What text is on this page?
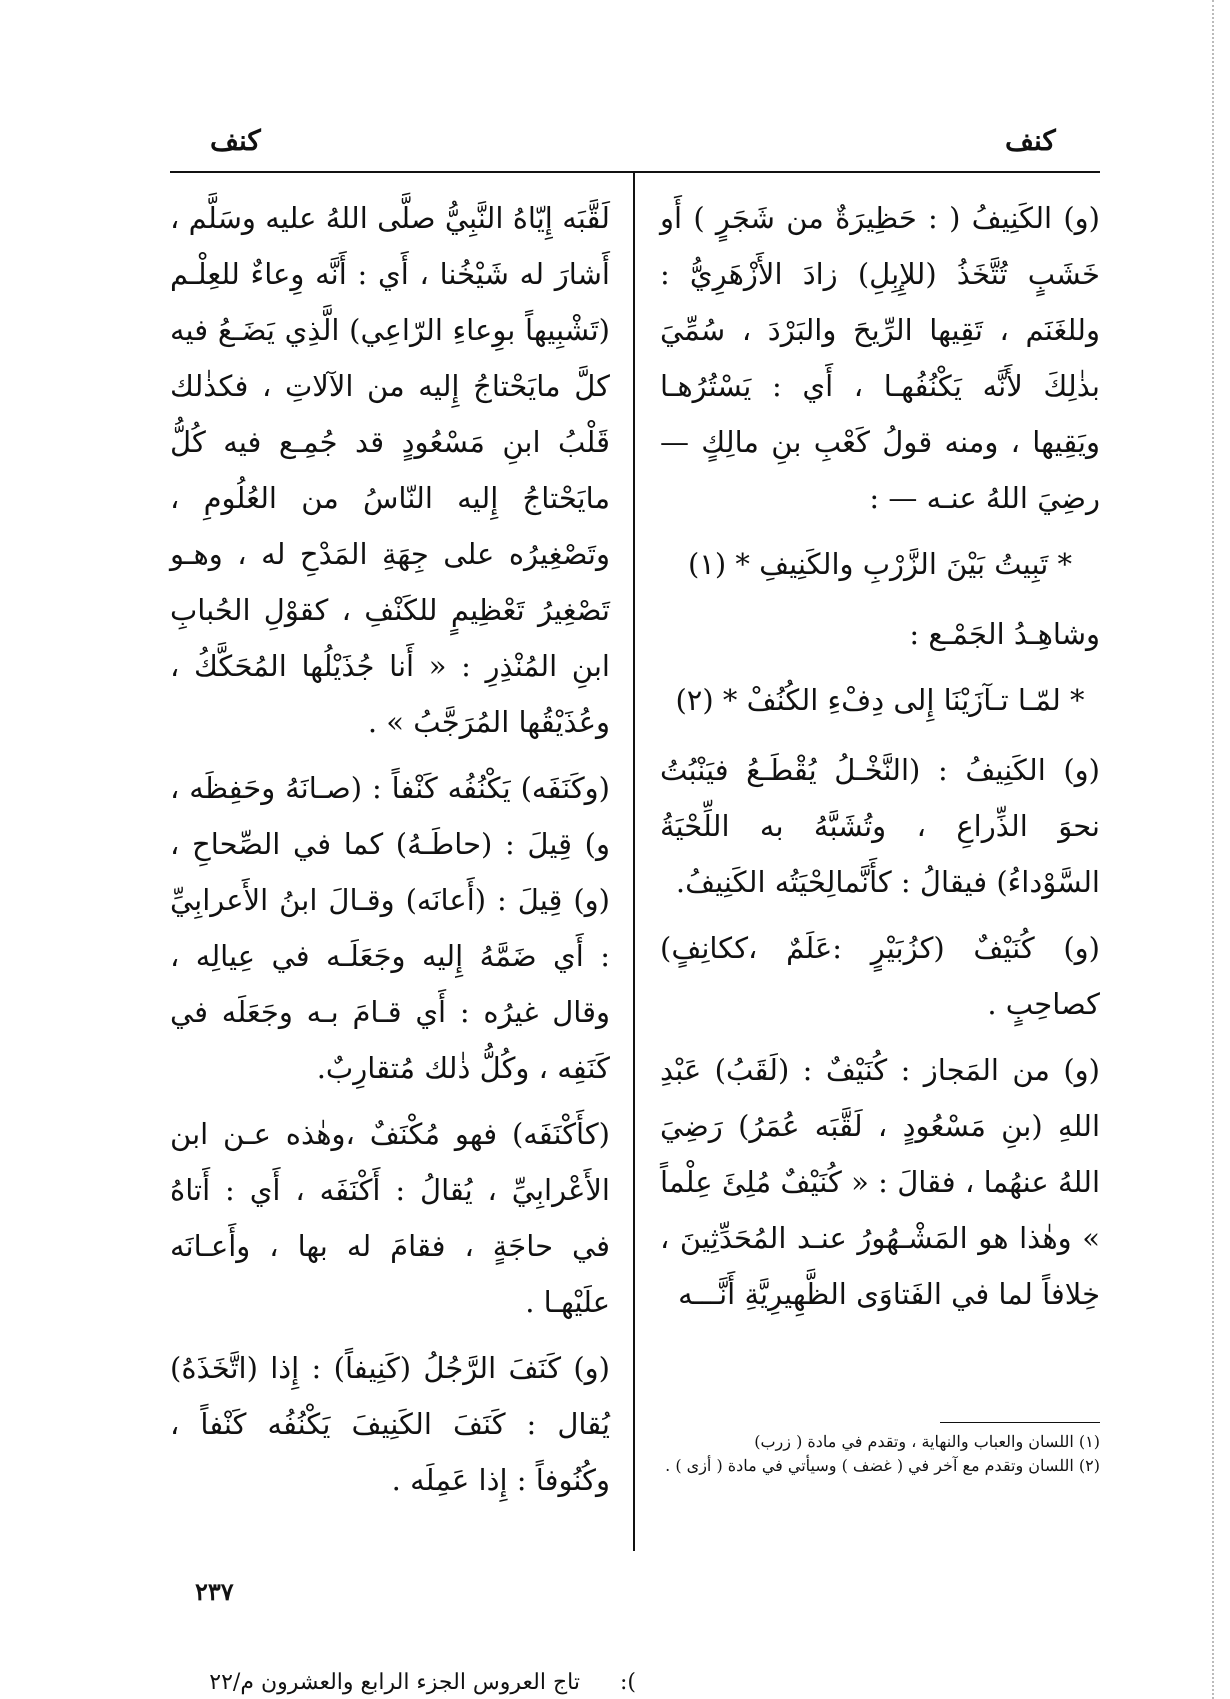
كنف
كنف

(و) الكَنِيفُ ( : حَظِيرَةٌ من شَجَرٍ ) أَو خَشَبٍ تُتَّخَذُ (للإِبِلِ) زادَ الأَزْهَرِيُّ : وللغَنَم ، تَقِيها الرِّيحَ والبَرْدَ ، سُمِّيَ بذٰلِكَ لأَنَّه يَكْنُفُهـا ، أَي : يَسْتُرُهـا ويَقِيها ، ومنه قولُ كَعْبِ بنِ مالِكٍ — رضِيَ اللهُ عنـه — :

* تَبِيتُ بَيْنَ الزَّرْبِ والكَنِيفِ * (١)

وشاهِـدُ الجَمْـع :

* لمّـا تـآزَيْنَا إِلى دِفْءِ الكُنُفْ * (٢)

(و) الكَنِيفُ : (النَّخْـلُ يُقْطَـعُ فيَنْبُتُ نحوَ الذِّراعِ ، وتُشَبَّهُ به اللِّحْيَةُ السَّوْداءُ) فيقالُ : كأَنَّمالِحْيَتُه الكَنِيفُ.

(و) كُنَيْفٌ (كزُبَيْرٍ :عَلَمٌ ،ككانِفٍ) كصاحِبٍ .

(و) من المَجاز : كُنَيْفٌ : (لَقَبُ) عَبْدِ اللهِ (بنِ مَسْعُودٍ ، لَقَّبَه عُمَرُ) رَضِيَ اللهُ عنهُما ، فقالَ : « كُنَيْفٌ مُلِئَ عِلْماً » وهٰذا هو المَشْـهُورُ عنـد المُحَدِّثِينَ ، خِلافاً لما في الفَتاوَى الظَّهِيرِيَّةِ أَنَّـــه

لَقَّبَه إِيّاهُ النَّبِيُّ صلَّى اللهُ عليه وسَلَّم ، أَشارَ له شَيْخُنا ، أَي : أَنَّه وِعاءٌ للعِلْـم (تَشْبِيهاً بوِعاءِ الرّاعِي) الَّذِي يَضَـعُ فيه كلَّ مايَحْتاجُ إِليه من الآلاتِ ، فكذٰلك قَلْبُ ابنِ مَسْعُودٍ قد جُمِـع فيه كُلُّ مايَحْتاجُ إِليه النّاسُ من العُلُومِ ، وتَصْغِيرُه على جِهَةِ المَدْحِ له ، وهـو تَصْغِيرُ تَعْظِيمٍ للكَنْفِ ، كقوْلِ الحُبابِ ابنِ المُنْذِرِ : « أَنا جُذَيْلُها المُحَكَّكُ ، وعُذَيْقُها المُرَجَّبُ » .

(وكَنَفَه) يَكْنُفُه كَنْفاً : (صـانَهُ وحَفِظَه ، و) قِيلَ : (حاطَـهُ) كما في الصِّحاحِ ، (و) قِيلَ : (أَعانَه) وقـالَ ابنُ الأَعرابِيِّ : أَي ضَمَّهُ إِليه وجَعَلَـه في عِيالِه ، وقال غيرُه : أَي قـامَ بـه وجَعَلَه في كَنَفِه ، وكُلُّ ذٰلك مُتقارِبٌ.

(كأَكْنَفَه) فهو مُكْنَفٌ ،وهٰذه عـن ابن الأَعْرابِيِّ ، يُقالُ : أَكْنَفَه ، أَي : أَتاهُ في حاجَةٍ ، فقامَ له بها ، وأَعـانَه علَيْهـا .

(و) كَنَفَ الرَّجُلُ (كَنِيفاً) : إِذا (اتَّخَذَهُ) يُقال : كَنَفَ الكَنِيفَ يَكْنُفُه كَنْفاً ، وكُنُوفاً : إِذا عَمِلَه .

(١) اللسان والعباب والنهاية ، وتقدم في مادة ( زرب)

(٢) اللسان وتقدم مع آخر في ( غضف ) وسيأتي في مادة ( أزى ) .

٢٣٧
تاج العروس الجزء الرابع والعشرون م/٢٢ :(
